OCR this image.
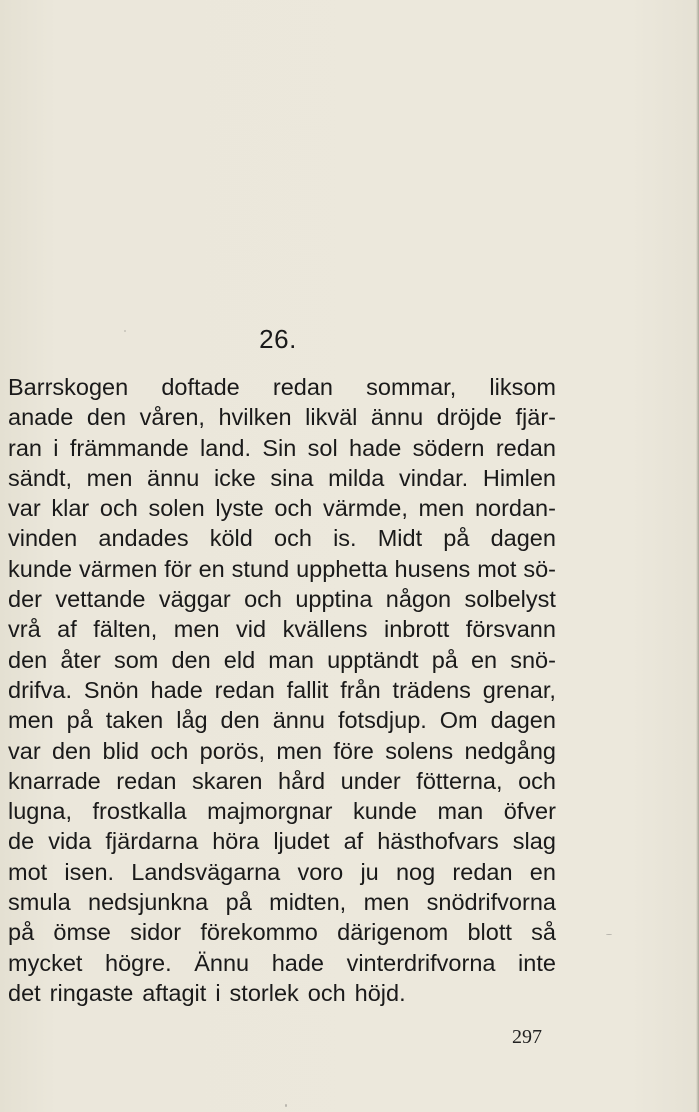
26.
Barrskogen doftade redan sommar, liksom
anade den våren, hvilken likväl ännu dröjde fjär-
ran i främmande land. Sin sol hade södern redan
sändt, men ännu icke sina milda vindar. Himlen
var klar och solen lyste och värmde, men nordan-
vinden andades köld och is. Midt på dagen
kunde värmen för en stund upphetta husens mot sö-
der vettande väggar och upptina någon solbelyst
vrå af fälten, men vid kvällens inbrott försvann
den åter som den eld man upptändt på en snö-
drifva. Snön hade redan fallit från trädens grenar,
men på taken låg den ännu fotsdjup. Om dagen
var den blid och porös, men före solens nedgång
knarrade redan skaren hård under fötterna, och
lugna, frostkalla majmorgnar kunde man öfver
de vida fjärdarna höra ljudet af hästhofvars slag
mot isen. Landsvägarna voro ju nog redan en
smula nedsjunkna på midten, men snödrifvorna
på ömse sidor förekommo därigenom blott så
mycket högre. Ännu hade vinterdrifvorna inte
det ringaste aftagit i storlek och höjd.
297
